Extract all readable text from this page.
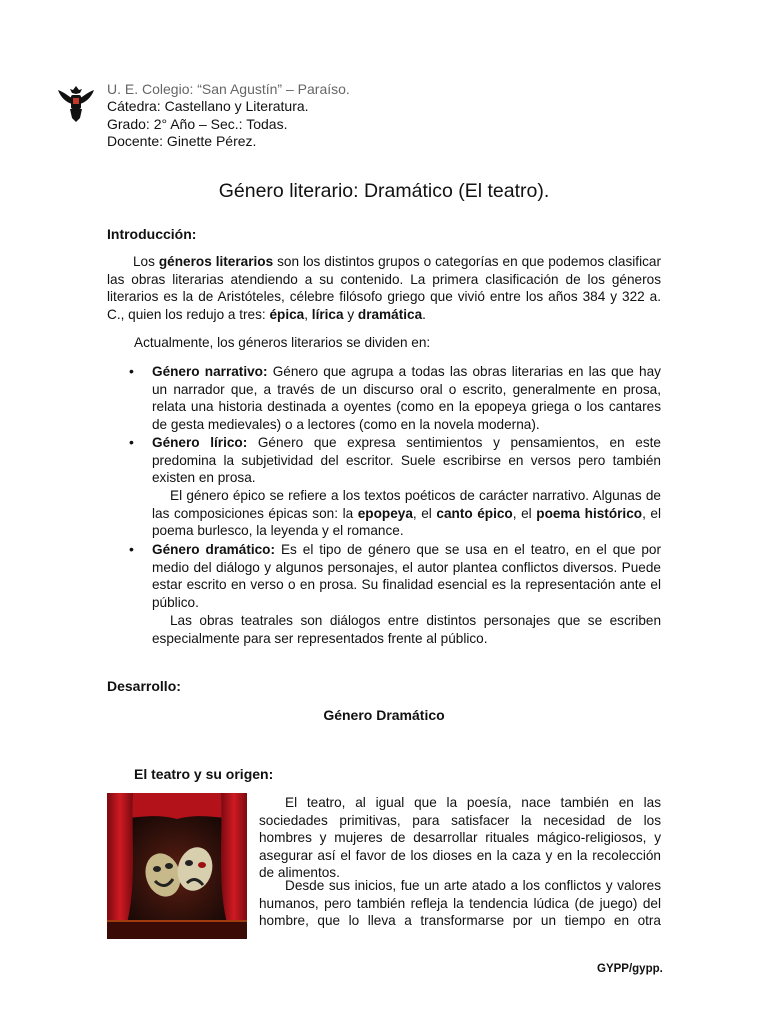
U. E. Colegio: “San Agustín” – Paraíso.
Cátedra: Castellano y Literatura.
Grado: 2° Año – Sec.: Todas.
Docente: Ginette Pérez.
Género literario: Dramático (El teatro).
Introducción:
Los géneros literarios son los distintos grupos o categorías en que podemos clasificar las obras literarias atendiendo a su contenido. La primera clasificación de los géneros literarios es la de Aristóteles, célebre filósofo griego que vivió entre los años 384 y 322 a. C., quien los redujo a tres: épica, lírica y dramática.
Actualmente, los géneros literarios se dividen en:
• Género narrativo: Género que agrupa a todas las obras literarias en las que hay un narrador que, a través de un discurso oral o escrito, generalmente en prosa, relata una historia destinada a oyentes (como en la epopeya griega o los cantares de gesta medievales) o a lectores (como en la novela moderna).
• Género lírico: Género que expresa sentimientos y pensamientos, en este predomina la subjetividad del escritor. Suele escribirse en versos pero también existen en prosa.
El género épico se refiere a los textos poéticos de carácter narrativo. Algunas de las composiciones épicas son: la epopeya, el canto épico, el poema histórico, el poema burlesco, la leyenda y el romance.
• Género dramático: Es el tipo de género que se usa en el teatro, en el que por medio del diálogo y algunos personajes, el autor plantea conflictos diversos. Puede estar escrito en verso o en prosa. Su finalidad esencial es la representación ante el público.
Las obras teatrales son diálogos entre distintos personajes que se escriben especialmente para ser representados frente al público.
Desarrollo:
Género Dramático
El teatro y su origen:
El teatro, al igual que la poesía, nace también en las sociedades primitivas, para satisfacer la necesidad de los hombres y mujeres de desarrollar rituales mágico-religiosos, y asegurar así el favor de los dioses en la caza y en la recolección de alimentos.
Desde sus inicios, fue un arte atado a los conflictos y valores humanos, pero también refleja la tendencia lúdica (de juego) del hombre, que lo lleva a transformarse por un tiempo en otra
GYPP/gypp.
